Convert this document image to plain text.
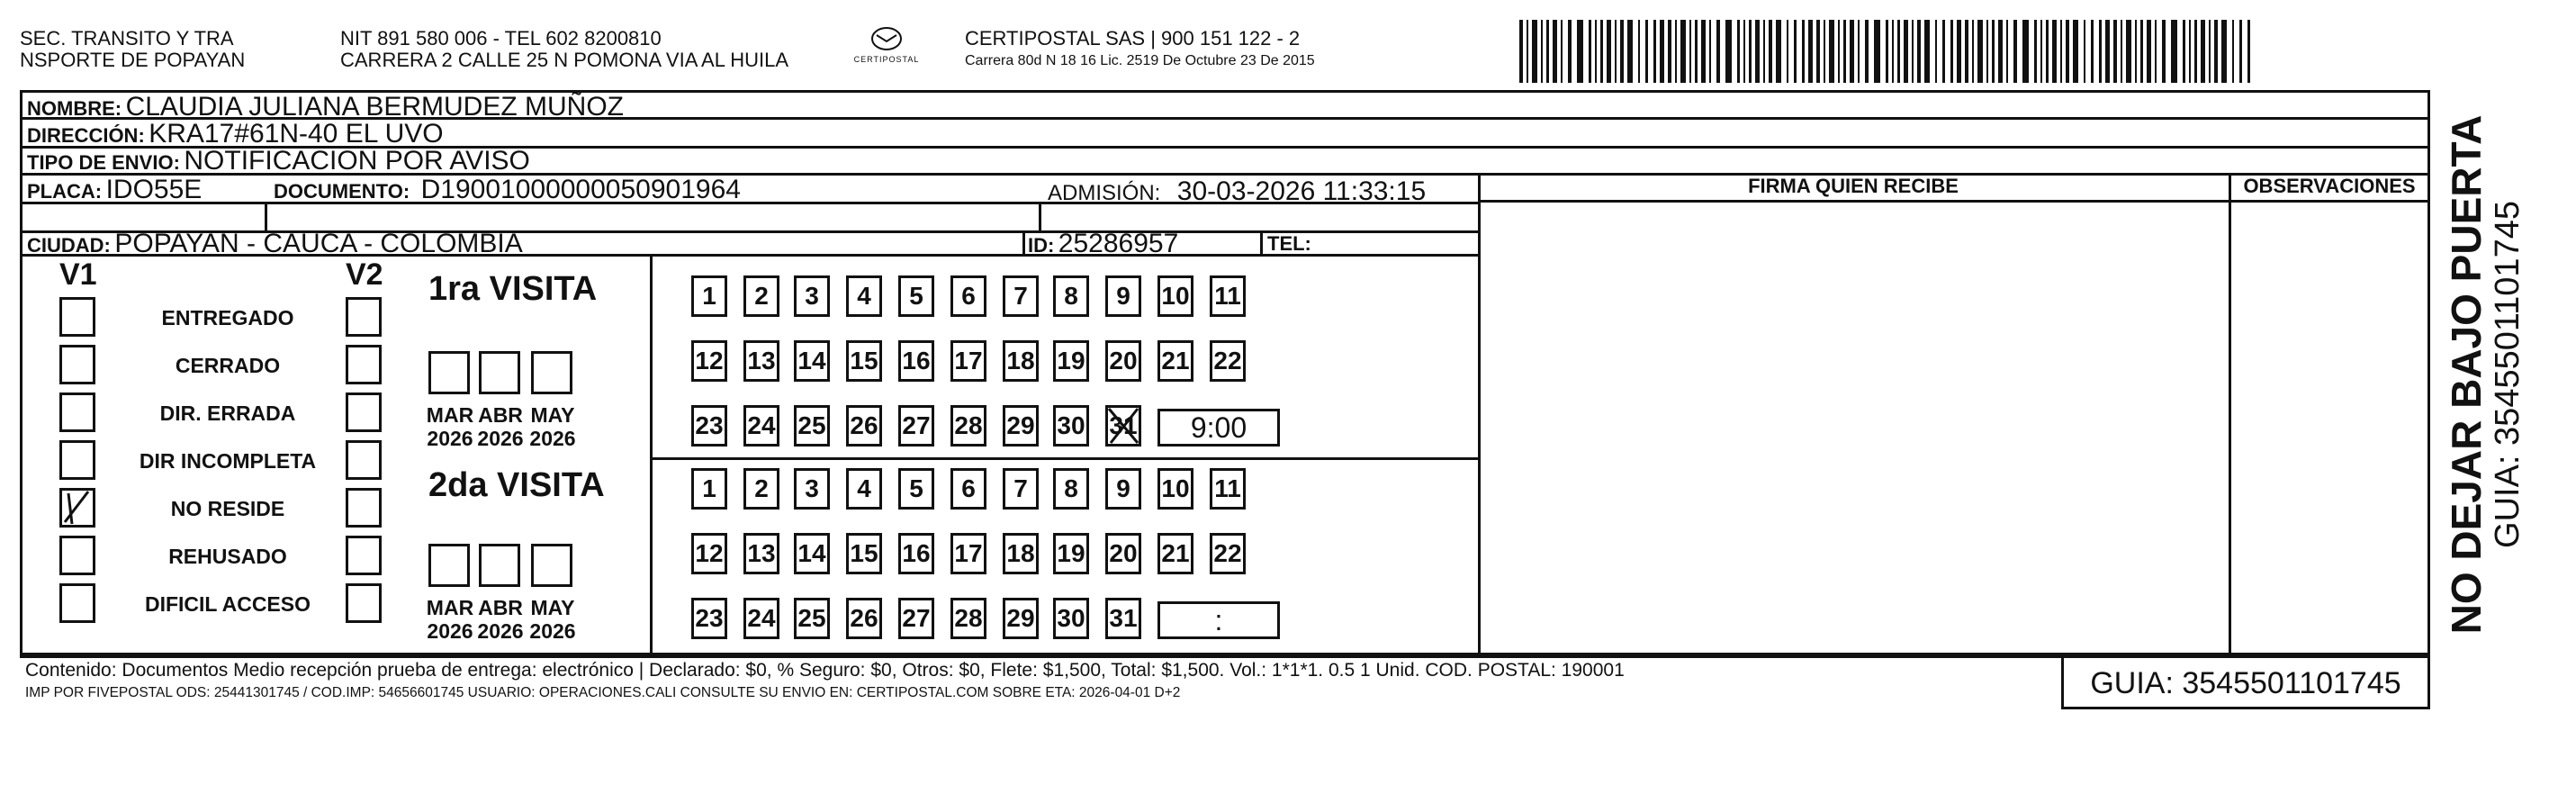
SEC. TRANSITO Y TRA
NSPORTE DE POPAYAN
NIT 891 580 006 - TEL 602 8200810
CARRERA 2 CALLE 25 N POMONA VIA AL HUILA	CERTIPOSTAL
CERTIPOSTAL SAS | 900 151 122 - 2
Carrera 80d N 18 16 Lic. 2519 De Octubre 23 De 2015
NOMBRE: CLAUDIA JULIANA BERMUDEZ MUÑOZ
DIRECCIÓN: KRA17#61N-40 EL UVO
TIPO DE ENVIO: NOTIFICACION POR AVISO
PLACA: IDO55E	DOCUMENTO: D19001000000050901964	ADMISIÓN: 30-03-2026 11:33:15
CIUDAD: POPAYAN - CAUCA - COLOMBIA	ID: 25286957	TEL:
FIRMA QUIEN RECIBE	OBSERVACIONES
V1	V2 1ra VISITA
2da VISITA	NO DEJAR BAJO PUERTA GUIA: 3545501101745
Contenido: Documentos Medio recepción prueba de entrega: electrónico | Declarado: $0, % Seguro: $0, Otros: $0, Flete: $1,500, Total: $1,500. Vol.: 1*1*1. 0.5 1 Unid. COD. POSTAL: 190001
IMP POR FIVEPOSTAL ODS: 25441301745 / COD.IMP: 54656601745 USUARIO: OPERACIONES.CALI CONSULTE SU ENVIO EN: CERTIPOSTAL.COM SOBRE ETA: 2026-04-01 D+2	GUIA: 3545501101745
ENTREGADO
CERRADO
DIR. ERRADA
DIR INCOMPLETA
NO RESIDE
REHUSADO
DIFICIL ACCESO
MAR
2026
ABR
2026
MAY
2026
1	2	3	4	5	6	7	8	9	10 11
12 13 14 15 16 17 18 19 20 21 22
23 24 25 26 27 28 29 30 31	9:00
MAR
2026
ABR
2026
MAY
2026
1	2	3	4	5	6	7	8	9	10 11
12 13 14 15 16 17 18 19 20 21 22
23 24 25 26 27 28 29 30 31	:
